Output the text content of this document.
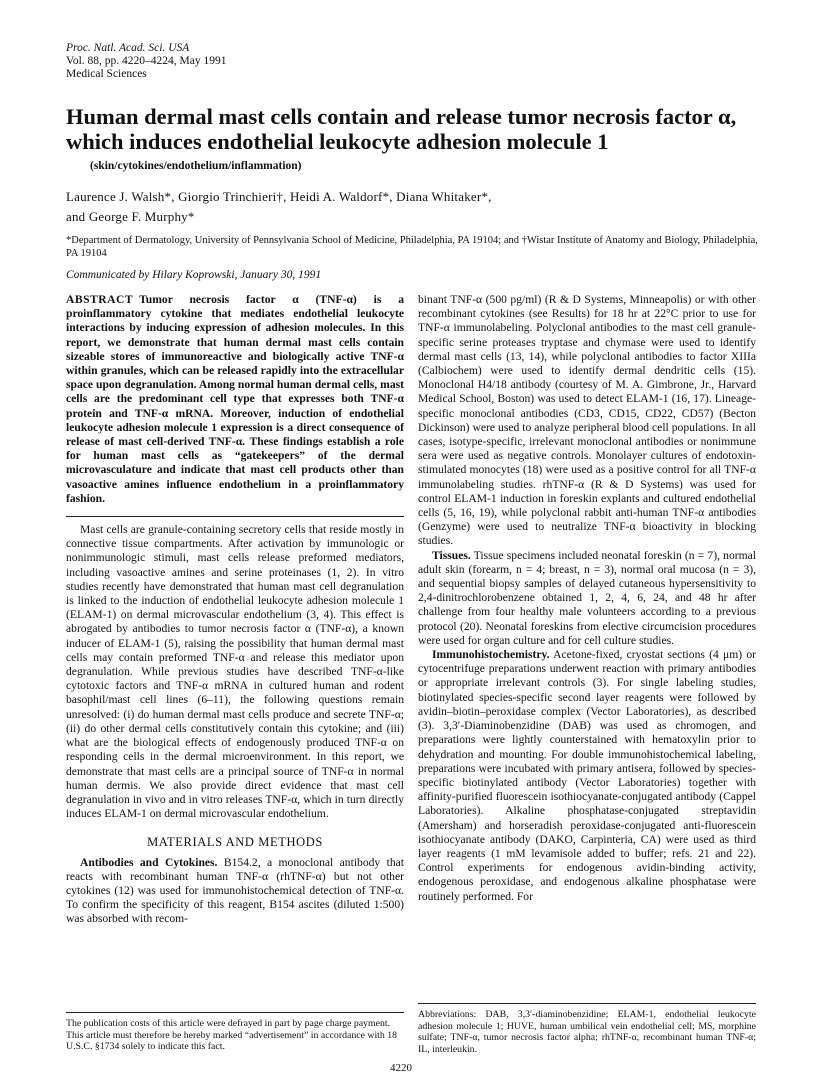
Proc. Natl. Acad. Sci. USA
Vol. 88, pp. 4220–4224, May 1991
Medical Sciences
Human dermal mast cells contain and release tumor necrosis factor α, which induces endothelial leukocyte adhesion molecule 1
(skin/cytokines/endothelium/inflammation)
Laurence J. Walsh*, Giorgio Trinchieri†, Heidi A. Waldorf*, Diana Whitaker*,
and George F. Murphy*
*Department of Dermatology, University of Pennsylvania School of Medicine, Philadelphia, PA 19104; and †Wistar Institute of Anatomy and Biology, Philadelphia, PA 19104
Communicated by Hilary Koprowski, January 30, 1991
ABSTRACT Tumor necrosis factor α (TNF-α) is a proinflammatory cytokine that mediates endothelial leukocyte interactions by inducing expression of adhesion molecules. In this report, we demonstrate that human dermal mast cells contain sizeable stores of immunoreactive and biologically active TNF-α within granules, which can be released rapidly into the extracellular space upon degranulation. Among normal human dermal cells, mast cells are the predominant cell type that expresses both TNF-α protein and TNF-α mRNA. Moreover, induction of endothelial leukocyte adhesion molecule 1 expression is a direct consequence of release of mast cell-derived TNF-α. These findings establish a role for human mast cells as “gatekeepers” of the dermal microvasculature and indicate that mast cell products other than vasoactive amines influence endothelium in a proinflammatory fashion.

Mast cells are granule-containing secretory cells that reside mostly in connective tissue compartments. After activation by immunologic or nonimmunologic stimuli, mast cells release preformed mediators, including vasoactive amines and serine proteinases (1, 2). In vitro studies recently have demonstrated that human mast cell degranulation is linked to the induction of endothelial leukocyte adhesion molecule 1 (ELAM-1) on dermal microvascular endothelium (3, 4). This effect is abrogated by antibodies to tumor necrosis factor α (TNF-α), a known inducer of ELAM-1 (5), raising the possibility that human dermal mast cells may contain preformed TNF-α and release this mediator upon degranulation. While previous studies have described TNF-α-like cytotoxic factors and TNF-α mRNA in cultured human and rodent basophil/mast cell lines (6–11), the following questions remain unresolved: (i) do human dermal mast cells produce and secrete TNF-α; (ii) do other dermal cells constitutively contain this cytokine; and (iii) what are the biological effects of endogenously produced TNF-α on responding cells in the dermal microenvironment. In this report, we demonstrate that mast cells are a principal source of TNF-α in normal human dermis. We also provide direct evidence that mast cell degranulation in vivo and in vitro releases TNF-α, which in turn directly induces ELAM-1 on dermal microvascular endothelium.

MATERIALS AND METHODS

Antibodies and Cytokines. B154.2, a monoclonal antibody that reacts with recombinant human TNF-α (rhTNF-α) but not other cytokines (12) was used for immunohistochemical detection of TNF-α. To confirm the specificity of this reagent, B154 ascites (diluted 1:500) was absorbed with recom-

binant TNF-α (500 pg/ml) (R & D Systems, Minneapolis) or with other recombinant cytokines (see Results) for 18 hr at 22°C prior to use for TNF-α immunolabeling. Polyclonal antibodies to the mast cell granule-specific serine proteases tryptase and chymase were used to identify dermal mast cells (13, 14), while polyclonal antibodies to factor XIIIa (Calbiochem) were used to identify dermal dendritic cells (15). Monoclonal H4/18 antibody (courtesy of M. A. Gimbrone, Jr., Harvard Medical School, Boston) was used to detect ELAM-1 (16, 17). Lineage-specific monoclonal antibodies (CD3, CD15, CD22, CD57) (Becton Dickinson) were used to analyze peripheral blood cell populations. In all cases, isotype-specific, irrelevant monoclonal antibodies or nonimmune sera were used as negative controls. Monolayer cultures of endotoxin-stimulated monocytes (18) were used as a positive control for all TNF-α immunolabeling studies. rhTNF-α (R & D Systems) was used for control ELAM-1 induction in foreskin explants and cultured endothelial cells (5, 16, 19), while polyclonal rabbit anti-human TNF-α antibodies (Genzyme) were used to neutralize TNF-α bioactivity in blocking studies.

Tissues. Tissue specimens included neonatal foreskin (n = 7), normal adult skin (forearm, n = 4; breast, n = 3), normal oral mucosa (n = 3), and sequential biopsy samples of delayed cutaneous hypersensitivity to 2,4-dinitrochlorobenzene obtained 1, 2, 4, 6, 24, and 48 hr after challenge from four healthy male volunteers according to a previous protocol (20). Neonatal foreskins from elective circumcision procedures were used for organ culture and for cell culture studies.

Immunohistochemistry. Acetone-fixed, cryostat sections (4 μm) or cytocentrifuge preparations underwent reaction with primary antibodies or appropriate irrelevant controls (3). For single labeling studies, biotinylated species-specific second layer reagents were followed by avidin–biotin–peroxidase complex (Vector Laboratories), as described (3). 3,3′-Diaminobenzidine (DAB) was used as chromogen, and preparations were lightly counterstained with hematoxylin prior to dehydration and mounting. For double immunohistochemical labeling, preparations were incubated with primary antisera, followed by species-specific biotinylated antibody (Vector Laboratories) together with affinity-purified fluorescein isothiocyanate-conjugated antibody (Cappel Laboratories). Alkaline phosphatase-conjugated streptavidin (Amersham) and horseradish peroxidase-conjugated anti-fluorescein isothiocyanate antibody (DAKO, Carpinteria, CA) were used as third layer reagents (1 mM levamisole added to buffer; refs. 21 and 22). Control experiments for endogenous avidin-binding activity, endogenous peroxidase, and endogenous alkaline phosphatase were routinely performed. For

The publication costs of this article were defrayed in part by page charge payment. This article must therefore be hereby marked “advertisement” in accordance with 18 U.S.C. §1734 solely to indicate this fact.
Abbreviations: DAB, 3,3′-diaminobenzidine; ELAM-1, endothelial leukocyte adhesion molecule 1; HUVE, human umbilical vein endothelial cell; MS, morphine sulfate; TNF-α, tumor necrosis factor alpha; rhTNF-α, recombinant human TNF-α; IL, interleukin.
4220
